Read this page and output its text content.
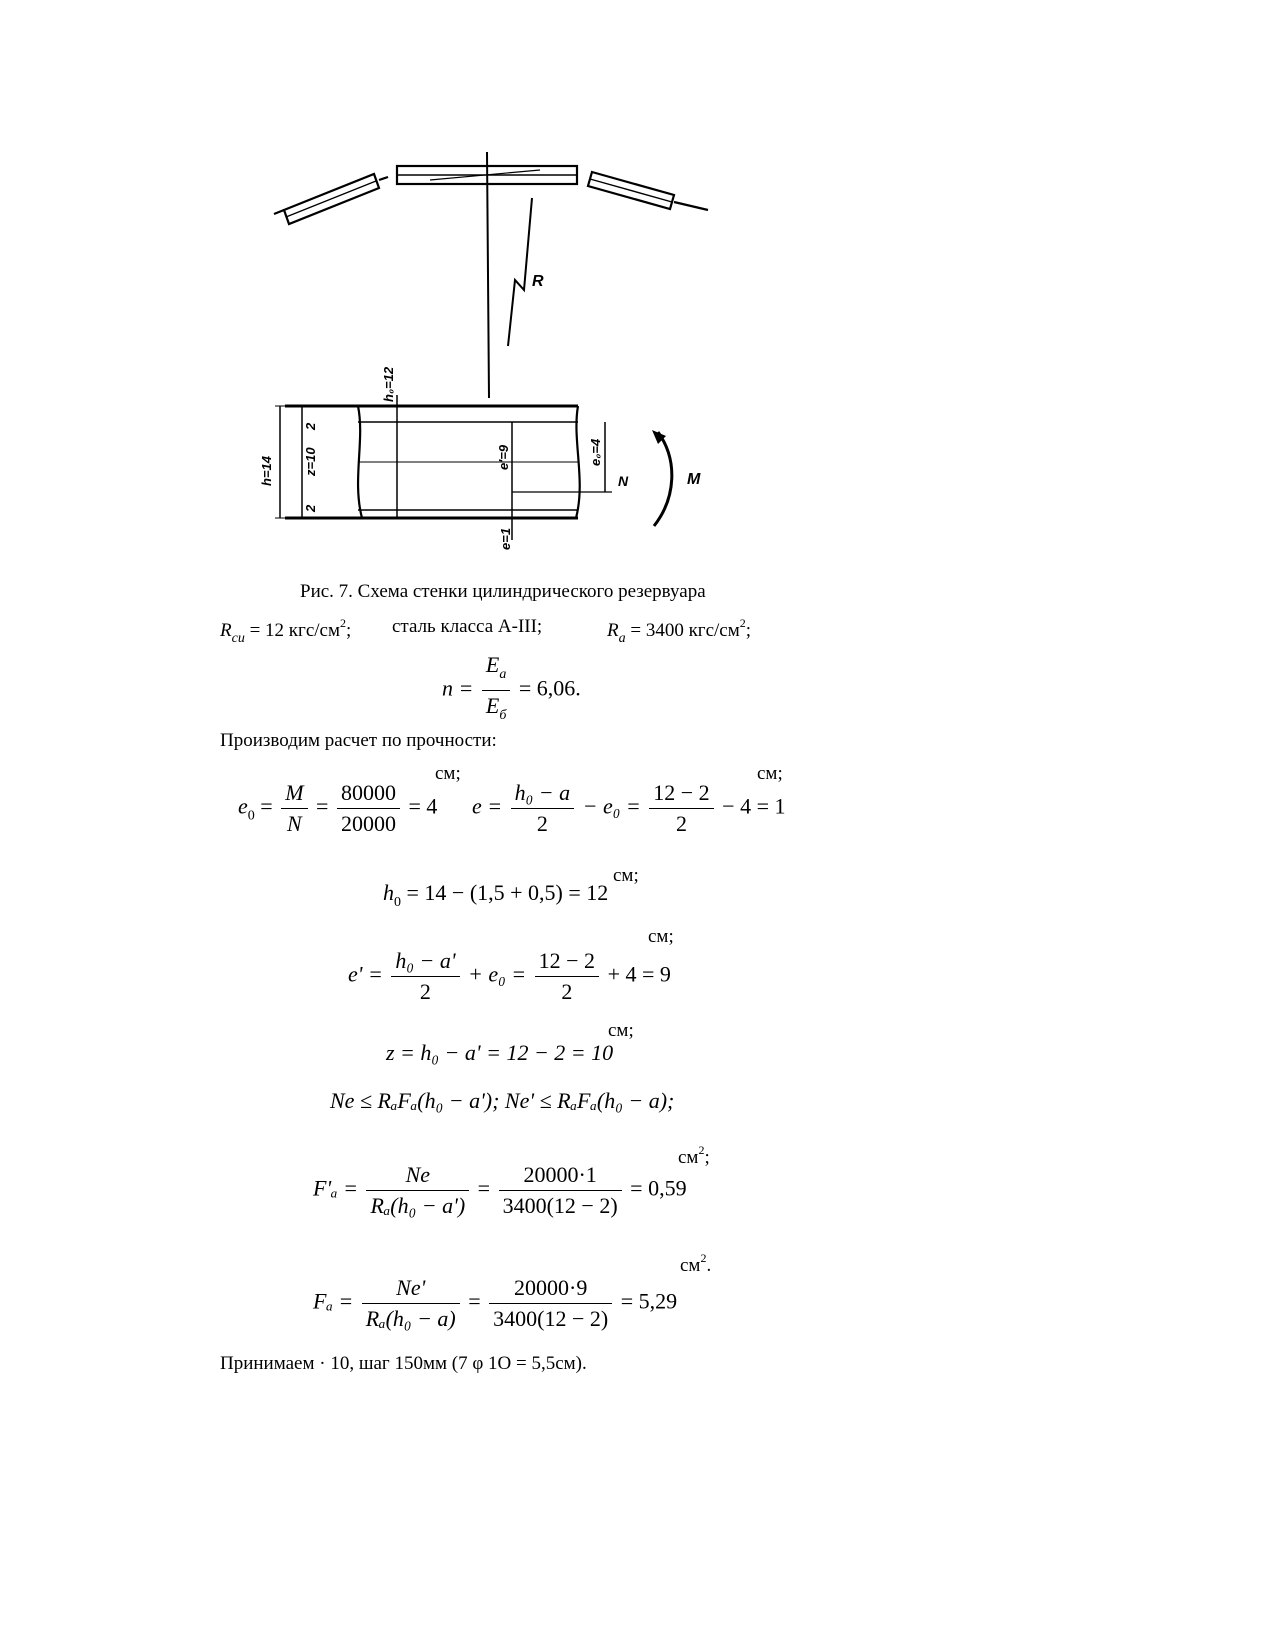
R
M
N
h₀=12
h=14 z=10
2
2
e'=9	e₀=4
e=1
Рис. 7. Схема стенки цилиндрического резервуара
$R_{си} = 12$ кгс/$см^2$; сталь класса А-III;	$R_а = 3400$ кгс/$см^2$;
$n = \frac{E_a}{E_б} = 6,06$.
Производим расчет по прочности:
$e_0 = \frac{M}{N} = \frac{80000}{20000} = 4$
см;
$e = \frac{\text{h₀ − a}}{2} - e_0 = \frac{12 - 2}{2} - 4 = 1$
см;
$h_0 = 14 - (1,5 + 0,5) = 12$
см;
$e' = \frac{\text{h₀ − a'}}{2} + e_0 = \frac{12 - 2}{2} + 4 = 9$
см;
z = h₀ − a' = 12 − 2 = 10
см;
Ne ≤ RₐFₐ(h₀ − a'); Ne' ≤ RₐFₐ(h₀ − a);
$F'_a = \frac{Ne}{\text{Rₐ(h₀ − a')}} = \frac{20000\cdot 1}{3400(12 - 2)} = 0,59$
$см^2$;
$F_a = \frac{Ne'}{\text{Rₐ(h₀ − a)}} = \frac{20000\cdot 9}{3400(12 - 2)} = 5,29$
$см^2$.
Принимаем · 10, шаг 150мм (7 φ 1О = 5,5см).
